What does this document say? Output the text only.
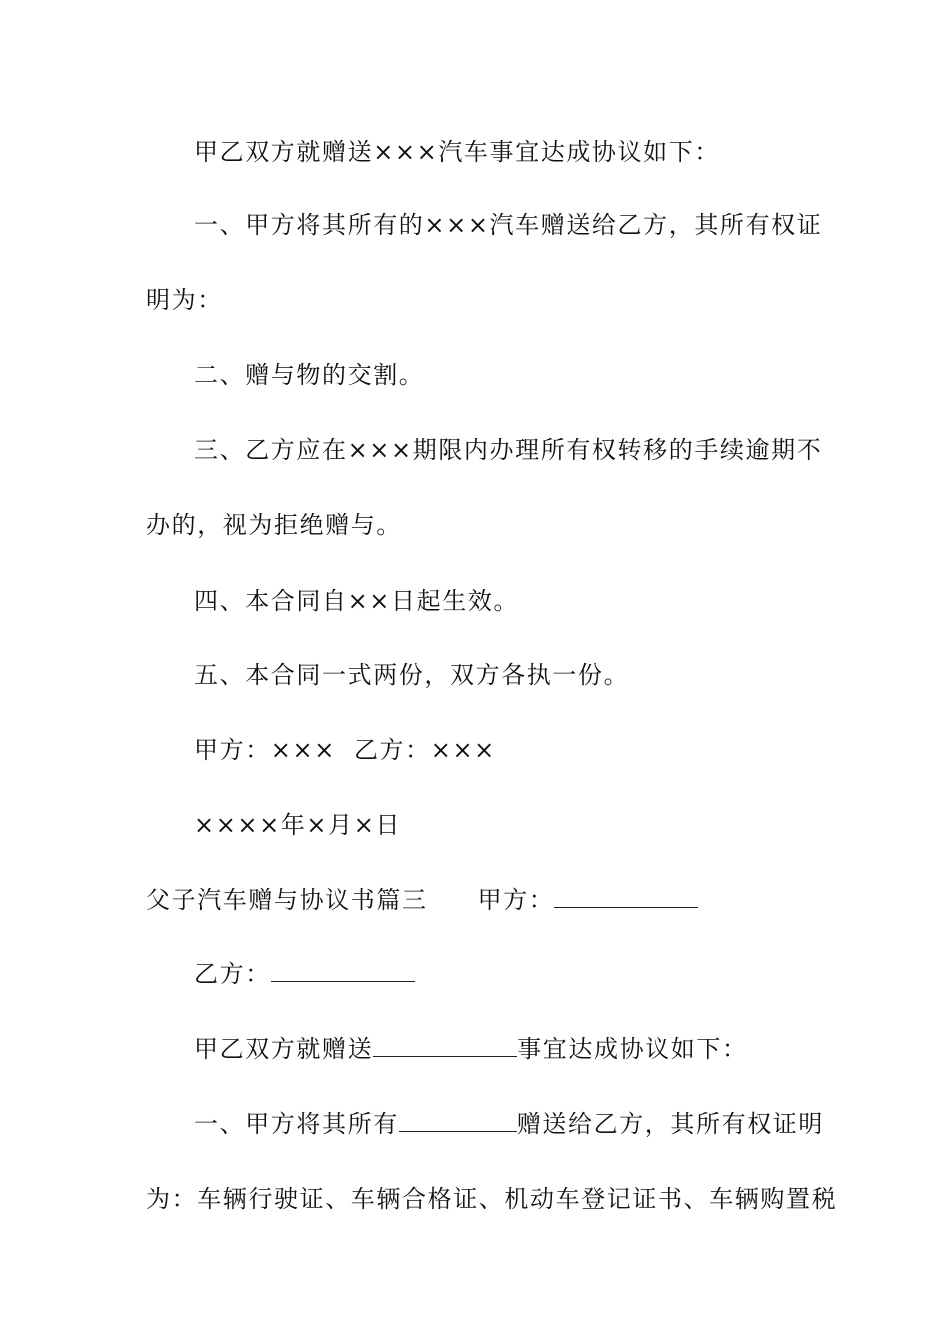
甲乙双方就赠送×××汽车事宜达成协议如下：
一、甲方将其所有的×××汽车赠送给乙方，其所有权证
明为：
二、赠与物的交割。
三、乙方应在×××期限内办理所有权转移的手续逾期不
办的，视为拒绝赠与。
四、本合同自××日起生效。
五、本合同一式两份，双方各执一份。
甲方：××× 乙方：×××
××××年×月×日
父子汽车赠与协议书篇三 甲方：
乙方：
甲乙双方就赠送	事宜达成协议如下：
一、甲方将其所有	赠送给乙方，其所有权证明
为：车辆行驶证、车辆合格证、机动车登记证书、车辆购置税
